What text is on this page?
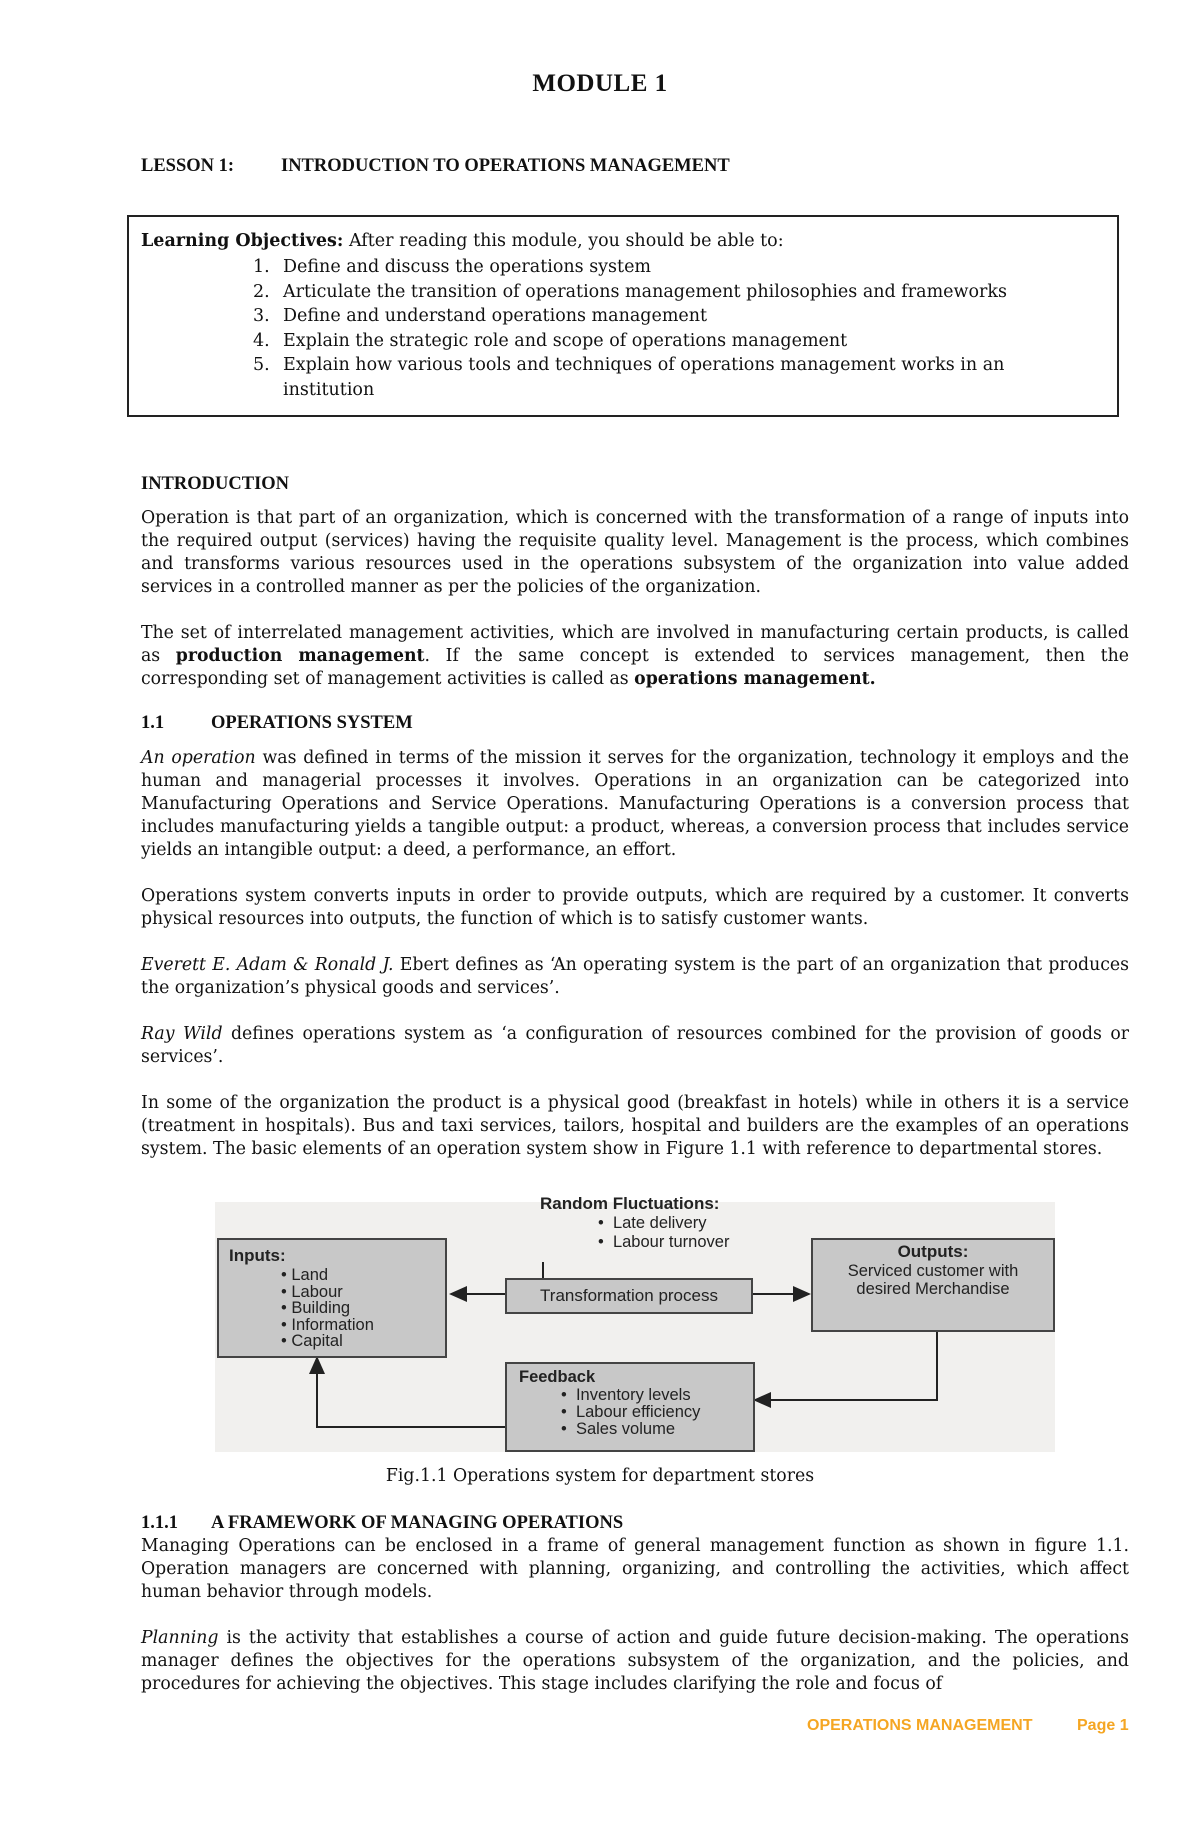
MODULE 1
LESSON 1:	INTRODUCTION TO OPERATIONS MANAGEMENT
Learning Objectives: After reading this module, you should be able to:
1. Define and discuss the operations system
2. Articulate the transition of operations management philosophies and frameworks
3. Define and understand operations management
4. Explain the strategic role and scope of operations management
5. Explain how various tools and techniques of operations management works in an institution
INTRODUCTION

Operation is that part of an organization, which is concerned with the transformation of a range of inputs into the required output (services) having the requisite quality level. Management is the process, which combines and transforms various resources used in the operations subsystem of the organization into value added services in a controlled manner as per the policies of the organization.

The set of interrelated management activities, which are involved in manufacturing certain products, is called as production management. If the same concept is extended to services management, then the corresponding set of management activities is called as operations management.

1.1	OPERATIONS SYSTEM

An operation was defined in terms of the mission it serves for the organization, technology it employs and the human and managerial processes it involves. Operations in an organization can be categorized into Manufacturing Operations and Service Operations. Manufacturing Operations is a conversion process that includes manufacturing yields a tangible output: a product, whereas, a conversion process that includes service yields an intangible output: a deed, a performance, an effort.

Operations system converts inputs in order to provide outputs, which are required by a customer. It converts physical resources into outputs, the function of which is to satisfy customer wants.

Everett E. Adam & Ronald J. Ebert defines as ‘An operating system is the part of an organization that produces the organization’s physical goods and services’.

Ray Wild defines operations system as ‘a configuration of resources combined for the provision of goods or services’.

In some of the organization the product is a physical good (breakfast in hotels) while in others it is a service (treatment in hospitals). Bus and taxi services, tailors, hospital and builders are the examples of an operations system. The basic elements of an operation system show in Figure 1.1 with reference to departmental stores.

Random Fluctuations:
•  Late delivery
•  Labour turnover
Inputs:
• Land
• Labour
• Building
• Information
• Capital
Transformation process
Outputs:
Serviced customer with
desired Merchandise
Feedback
•  Inventory levels
•  Labour efficiency
•  Sales volume
Fig.1.1 Operations system for department stores
1.1.1 A FRAMEWORK OF MANAGING OPERATIONS

Managing Operations can be enclosed in a frame of general management function as shown in figure 1.1. Operation managers are concerned with planning, organizing, and controlling the activities, which affect human behavior through models.

Planning is the activity that establishes a course of action and guide future decision-making. The operations manager defines the objectives for the operations subsystem of the organization, and the policies, and procedures for achieving the objectives. This stage includes clarifying the role and focus of

OPERATIONS MANAGEMENT	Page 1
